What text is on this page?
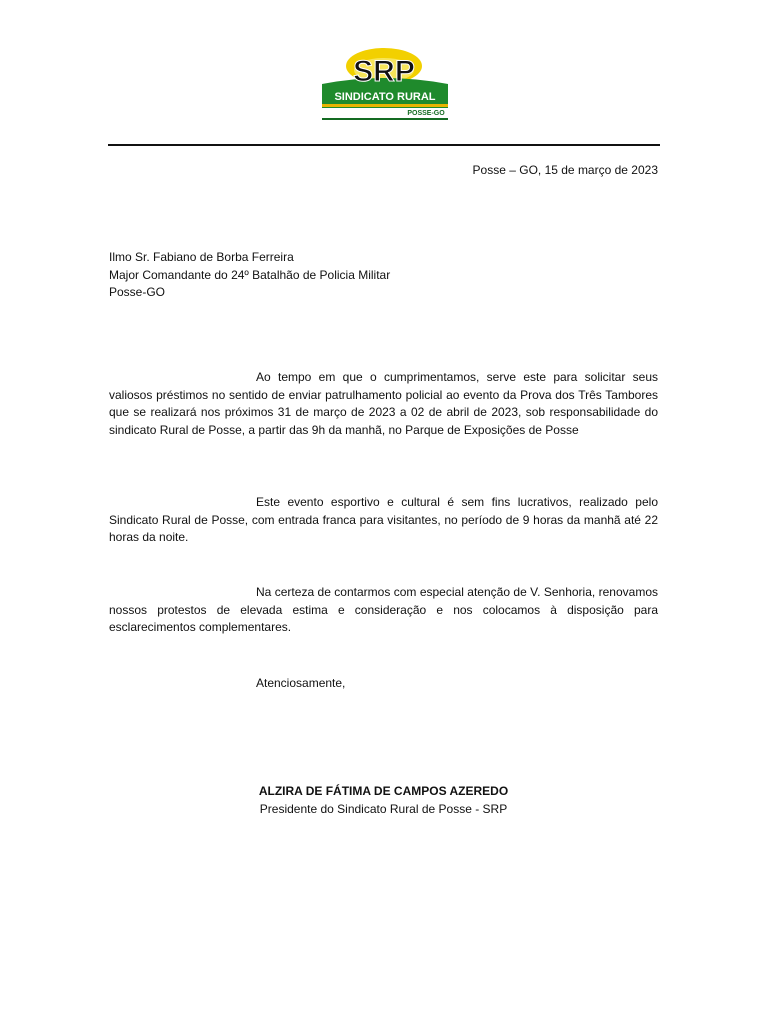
SRP
SINDICATO RURAL
POSSE-GO
Posse – GO, 15 de março de 2023
Ilmo Sr. Fabiano de Borba Ferreira
Major Comandante do 24º Batalhão de Policia Militar
Posse-GO
Ao tempo em que o cumprimentamos, serve este para solicitar seus valiosos préstimos no sentido de enviar patrulhamento policial ao evento da Prova dos Três Tambores que se realizará nos próximos 31 de março de 2023 a 02 de abril de 2023, sob responsabilidade do sindicato Rural de Posse, a partir das 9h da manhã, no Parque de Exposições de Posse
Este evento esportivo e cultural é sem fins lucrativos, realizado pelo Sindicato Rural de Posse, com entrada franca para visitantes, no período de 9 horas da manhã até 22 horas da noite.
Na certeza de contarmos com especial atenção de V. Senhoria, renovamos nossos protestos de elevada estima e consideração e nos colocamos à disposição para esclarecimentos complementares.
Atenciosamente,
ALZIRA DE FÁTIMA DE CAMPOS AZEREDO
Presidente do Sindicato Rural de Posse - SRP
